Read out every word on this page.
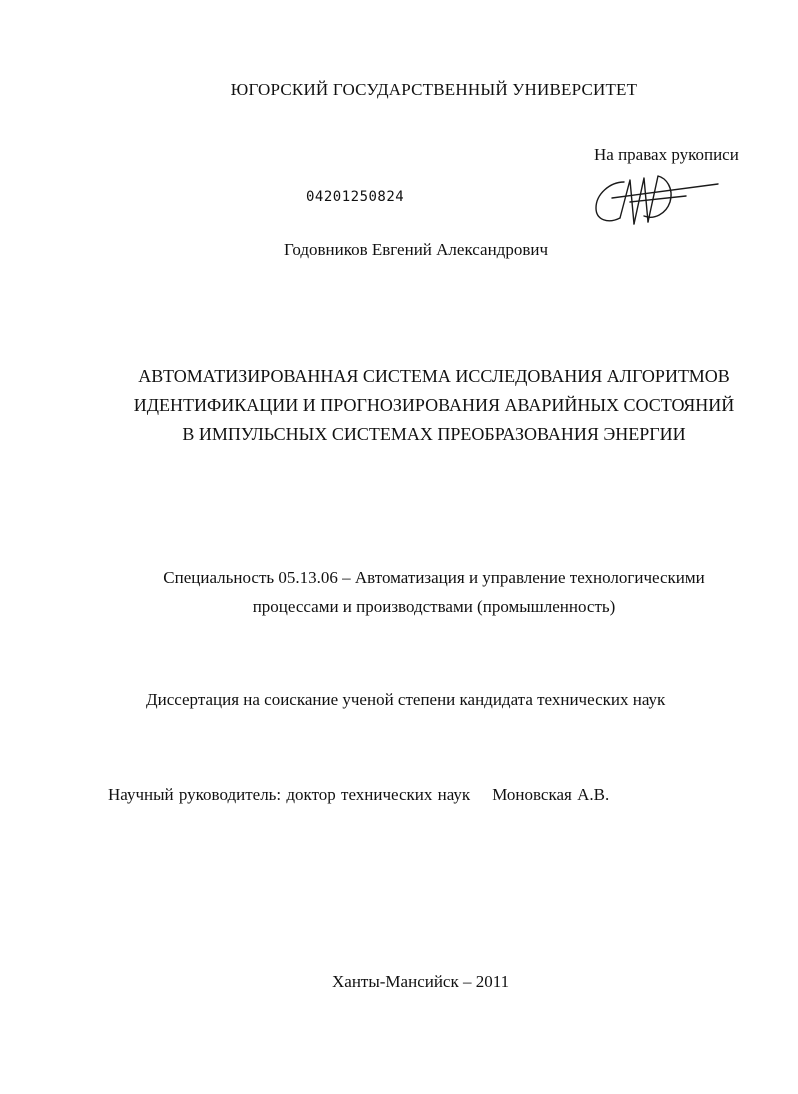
ЮГОРСКИЙ ГОСУДАРСТВЕННЫЙ УНИВЕРСИТЕТ
На правах рукописи
04201250824
Годовников Евгений Александрович
АВТОМАТИЗИРОВАННАЯ СИСТЕМА ИССЛЕДОВАНИЯ АЛГОРИТМОВ
ИДЕНТИФИКАЦИИ И ПРОГНОЗИРОВАНИЯ АВАРИЙНЫХ СОСТОЯНИЙ
В ИМПУЛЬСНЫХ СИСТЕМАХ ПРЕОБРАЗОВАНИЯ ЭНЕРГИИ
Специальность 05.13.06 – Автоматизация и управление технологическими
процессами и производствами (промышленность)
Диссертация на соискание ученой степени кандидата технических наук
Научный руководитель: доктор технических наук Моновская А.В.
Ханты-Мансийск – 2011
